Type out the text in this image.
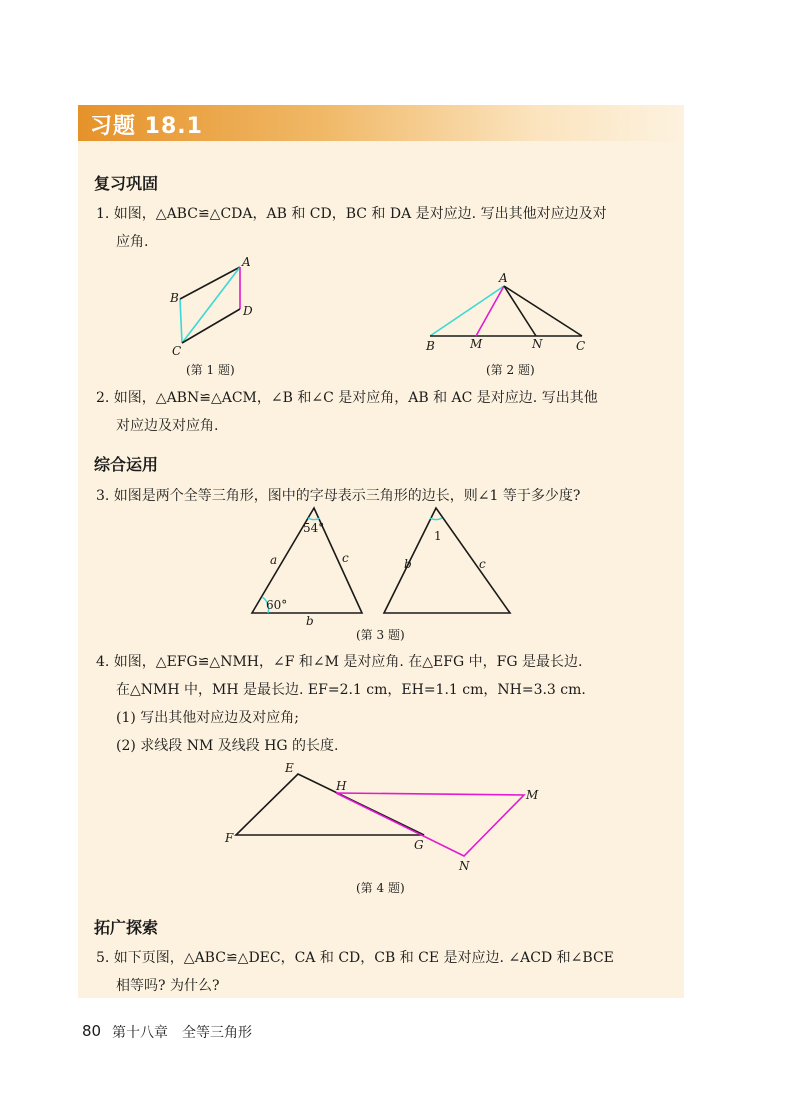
习题 18.1
复习巩固
1. 如图，△ABC≌△CDA，AB 和 CD，BC 和 DA 是对应边. 写出其他对应边及对
应角.
A
B
C
D
(第 1 题)
A
B	M	N	C
(第 2 题)
2. 如图，△ABN≌△ACM，∠B 和∠C 是对应角，AB 和 AC 是对应边. 写出其他
对应边及对应角.
综合运用
3. 如图是两个全等三角形，图中的字母表示三角形的边长，则∠1 等于多少度?
54°
60°
a	c
b
1
b	c
(第 3 题)
4. 如图，△EFG≌△NMH，∠F 和∠M 是对应角. 在△EFG 中，FG 是最长边.
在△NMH 中，MH 是最长边. EF=2.1 cm，EH=1.1 cm，NH=3.3 cm.
(1) 写出其他对应边及对应角;
(2) 求线段 NM 及线段 HG 的长度.
E
H
M
F	G
N
(第 4 题)
拓广探索
5. 如下页图，△ABC≌△DEC，CA 和 CD，CB 和 CE 是对应边. ∠ACD 和∠BCE
相等吗? 为什么?
80 第十八章　全等三角形
